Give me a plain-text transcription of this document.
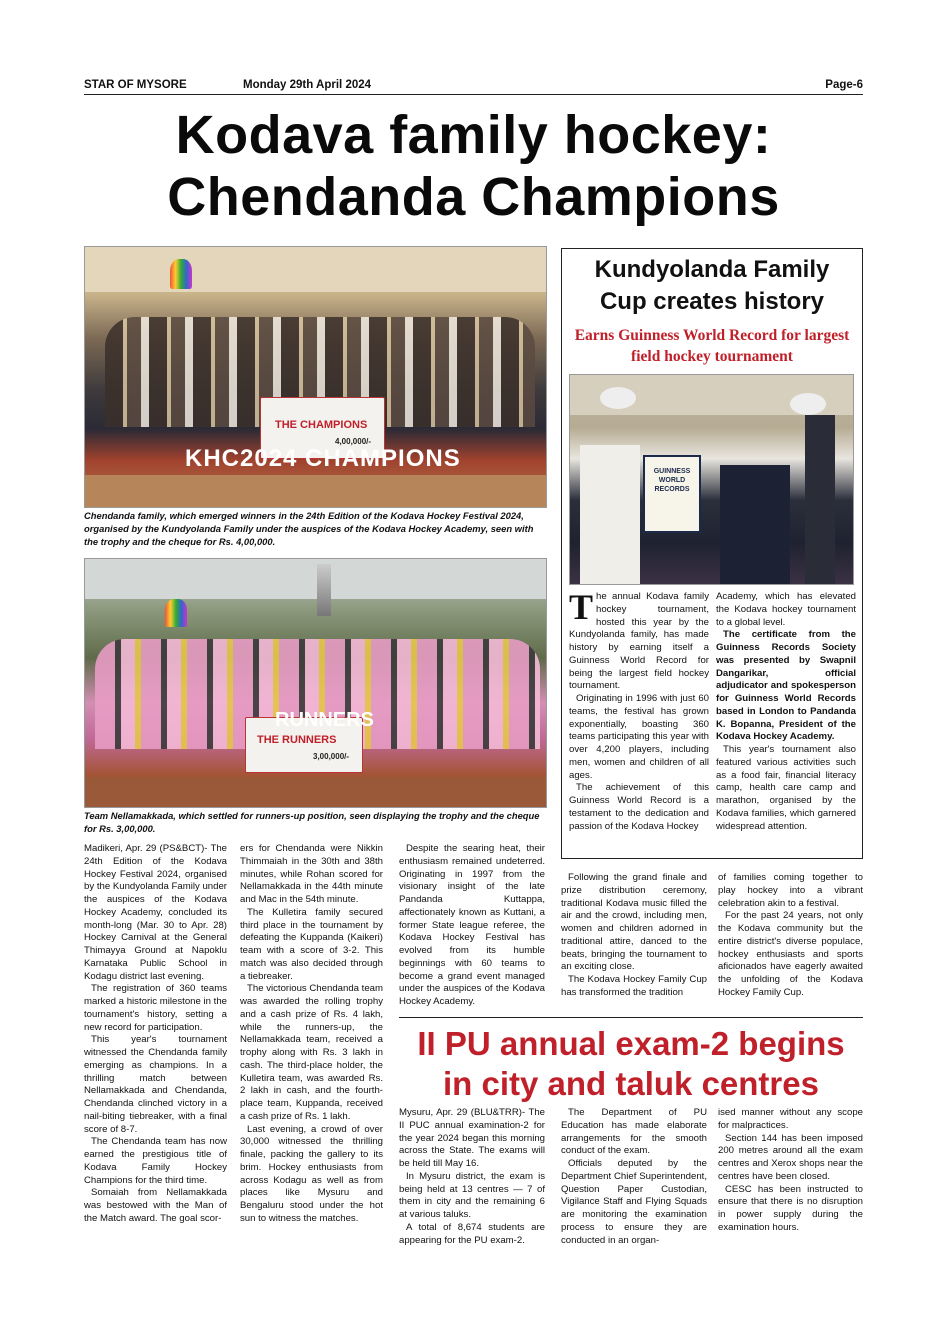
STAR OF MYSORE	Monday 29th April 2024	Page-6
Kodava family hockey:
Chendanda Champions
THE CHAMPIONS
4,00,000/-
KHC2024 CHAMPIONS
Chendanda family, which emerged winners in the 24th Edition of the Kodava Hockey Festival 2024, organised by the Kundyolanda Family under the auspices of the Kodava Hockey Academy, seen with the trophy and the cheque for Rs. 4,00,000.
THE RUNNERS
3,00,000/-
RUNNERS
Team Nellamakkada, which settled for runners-up position, seen displaying the trophy and the cheque for Rs. 3,00,000.
Kundyolanda Family Cup creates history
Earns Guinness World Record for largest field hockey tournament
GUINNESS WORLD RECORDS

The annual Kodava family hockey tournament, hosted this year by the Kundyolanda family, has made history by earning itself a Guinness World Record for being the largest field hockey tournament.

Originating in 1996 with just 60 teams, the festival has grown exponentially, boasting 360 teams participating this year with over 4,200 players, including men, women and children of all ages.

The achievement of this Guinness World Record is a testament to the dedication and passion of the Kodava Hockey

Academy, which has elevated the Kodava hockey tournament to a global level.

The certificate from the Guinness Records Society was presented by Swapnil Dangarikar, official adjudicator and spokesperson for Guinness World Records based in London to Pandanda K. Bopanna, President of the Kodava Hockey Academy.

This year's tournament also featured various activities such as a food fair, financial literacy camp, health care camp and marathon, organised by the Kodava families, which garnered widespread attention.

Madikeri, Apr. 29 (PS&BCT)- The 24th Edition of the Kodava Hockey Festival 2024, organised by the Kundyolanda Family under the auspices of the Kodava Hockey Academy, concluded its month-long (Mar. 30 to Apr. 28) Hockey Carnival at the General Thimayya Ground at Napoklu Karnataka Public School in Kodagu district last evening.

The registration of 360 teams marked a historic milestone in the tournament's history, setting a new record for participation.

This year's tournament witnessed the Chendanda family emerging as champions. In a thrilling match between Nellamakkada and Chendanda, Chendanda clinched victory in a nail-biting tiebreaker, with a final score of 8-7.

The Chendanda team has now earned the prestigious title of Kodava Family Hockey Champions for the third time.

Somaiah from Nellamakkada was bestowed with the Man of the Match award. The goal scor-

ers for Chendanda were Nikkin Thimmaiah in the 30th and 38th minutes, while Rohan scored for Nellamakkada in the 44th minute and Mac in the 54th minute.

The Kulletira family secured third place in the tournament by defeating the Kuppanda (Kaikeri) team with a score of 3-2. This match was also decided through a tiebreaker.

The victorious Chendanda team was awarded the rolling trophy and a cash prize of Rs. 4 lakh, while the runners-up, the Nellamakkada team, received a trophy along with Rs. 3 lakh in cash. The third-place holder, the Kulletira team, was awarded Rs. 2 lakh in cash, and the fourth-place team, Kuppanda, received a cash prize of Rs. 1 lakh.

Last evening, a crowd of over 30,000 witnessed the thrilling finale, packing the gallery to its brim. Hockey enthusiasts from across Kodagu as well as from places like Mysuru and Bengaluru stood under the hot sun to witness the matches.

Despite the searing heat, their enthusiasm remained undeterred. Originating in 1997 from the visionary insight of the late Pandanda Kuttappa, affectionately known as Kuttani, a former State league referee, the Kodava Hockey Festival has evolved from its humble beginnings with 60 teams to become a grand event managed under the auspices of the Kodava Hockey Academy.

Following the grand finale and prize distribution ceremony, traditional Kodava music filled the air and the crowd, including men, women and children adorned in traditional attire, danced to the beats, bringing the tournament to an exciting close.

The Kodava Hockey Family Cup has transformed the tradition

of families coming together to play hockey into a vibrant celebration akin to a festival.

For the past 24 years, not only the Kodava community but the entire district's diverse populace, hockey enthusiasts and sports aficionados have eagerly awaited the unfolding of the Kodava Hockey Family Cup.

II PU annual exam-2 begins in city and taluk centres

Mysuru, Apr. 29 (BLU&TRR)- The II PUC annual examination-2 for the year 2024 began this morning across the State. The exams will be held till May 16.

In Mysuru district, the exam is being held at 13 centres — 7 of them in city and the remaining 6 at various taluks.

A total of 8,674 students are appearing for the PU exam-2.

The Department of PU Education has made elaborate arrangements for the smooth conduct of the exam.

Officials deputed by the Department Chief Superintendent, Question Paper Custodian, Vigilance Staff and Flying Squads are monitoring the examination process to ensure they are conducted in an organ-

ised manner without any scope for malpractices.

Section 144 has been imposed 200 metres around all the exam centres and Xerox shops near the centres have been closed.

CESC has been instructed to ensure that there is no disruption in power supply during the examination hours.
